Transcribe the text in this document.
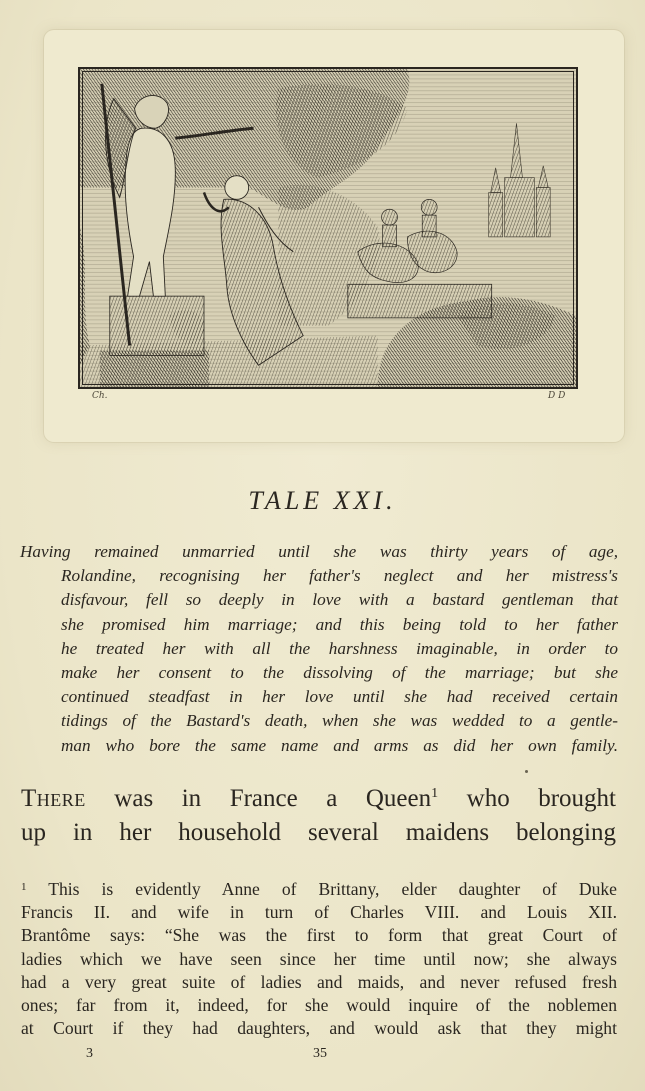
Ch.	D D
TALE XXI.
Having remained unmarried until she was thirty years of age,
Rolandine, recognising her father's neglect and her mistress's
disfavour, fell so deeply in love with a bastard gentleman that
she promised him marriage; and this being told to her father
he treated her with all the harshness imaginable, in order to
make her consent to the dissolving of the marriage; but she
continued steadfast in her love until she had received certain
tidings of the Bastard's death, when she was wedded to a gentle-
man who bore the same name and arms as did her own family.
There was in France a Queen$^1$ who brought
up in her household several maidens belonging
$^1$ This is evidently Anne of Brittany, elder daughter of Duke
Francis II. and wife in turn of Charles VIII. and Louis XII.
Brantôme says: “She was the first to form that great Court of
ladies which we have seen since her time until now; she always
had a very great suite of ladies and maids, and never refused fresh
ones; far from it, indeed, for she would inquire of the noblemen
at Court if they had daughters, and would ask that they might
3	35
